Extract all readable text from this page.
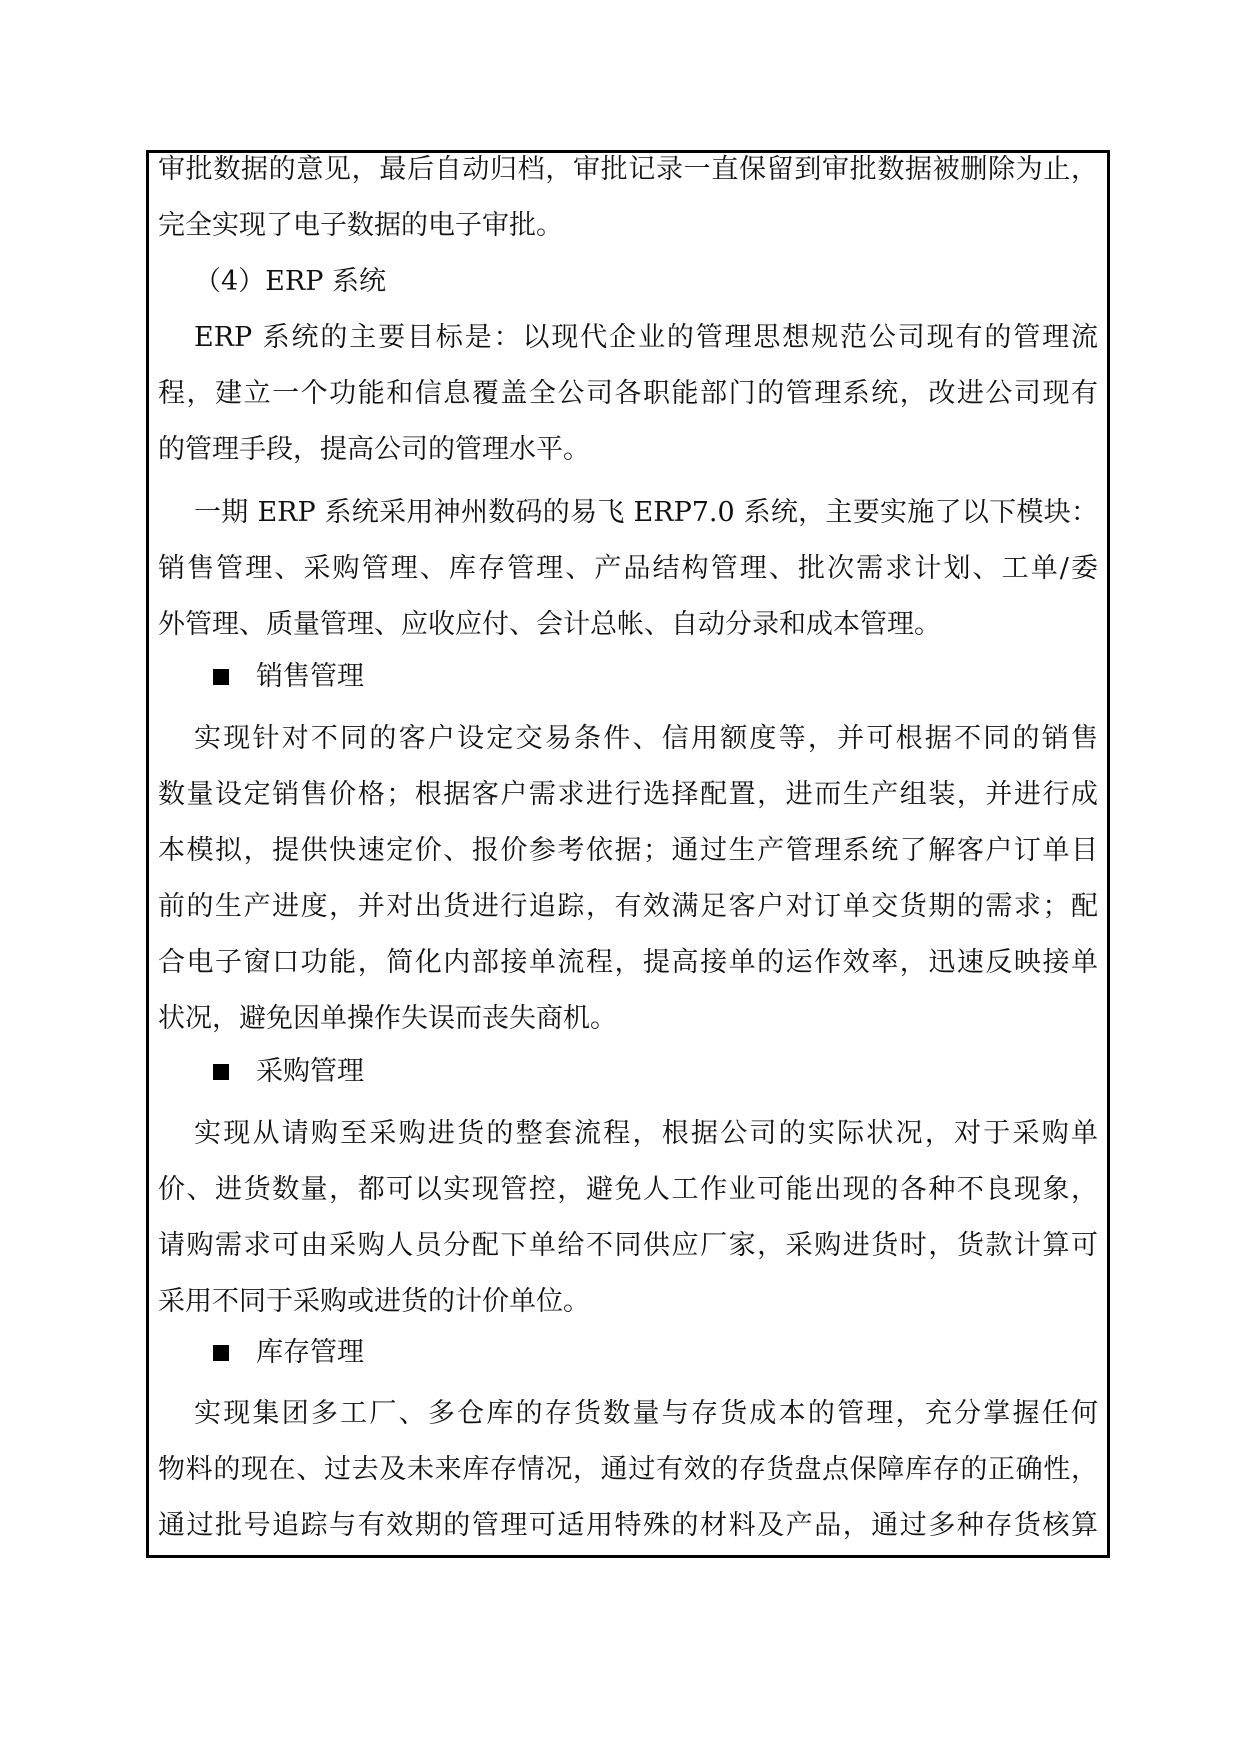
审批数据的意见，最后自动归档，审批记录一直保留到审批数据被删除为止，
完全实现了电子数据的电子审批。
（4）ERP 系统
ERP 系统的主要目标是：以现代企业的管理思想规范公司现有的管理流
程，建立一个功能和信息覆盖全公司各职能部门的管理系统，改进公司现有
的管理手段，提高公司的管理水平。
一期 ERP 系统采用神州数码的易飞 ERP7.0 系统，主要实施了以下模块：
销售管理、采购管理、库存管理、产品结构管理、批次需求计划、工单/委
外管理、质量管理、应收应付、会计总帐、自动分录和成本管理。
销售管理
实现针对不同的客户设定交易条件、信用额度等，并可根据不同的销售
数量设定销售价格；根据客户需求进行选择配置，进而生产组装，并进行成
本模拟，提供快速定价、报价参考依据；通过生产管理系统了解客户订单目
前的生产进度，并对出货进行追踪，有效满足客户对订单交货期的需求；配
合电子窗口功能，简化内部接单流程，提高接单的运作效率，迅速反映接单
状况，避免因单操作失误而丧失商机。
采购管理
实现从请购至采购进货的整套流程，根据公司的实际状况，对于采购单
价、进货数量，都可以实现管控，避免人工作业可能出现的各种不良现象，
请购需求可由采购人员分配下单给不同供应厂家，采购进货时，货款计算可
采用不同于采购或进货的计价单位。
库存管理
实现集团多工厂、多仓库的存货数量与存货成本的管理，充分掌握任何
物料的现在、过去及未来库存情况，通过有效的存货盘点保障库存的正确性，
通过批号追踪与有效期的管理可适用特殊的材料及产品，通过多种存货核算
